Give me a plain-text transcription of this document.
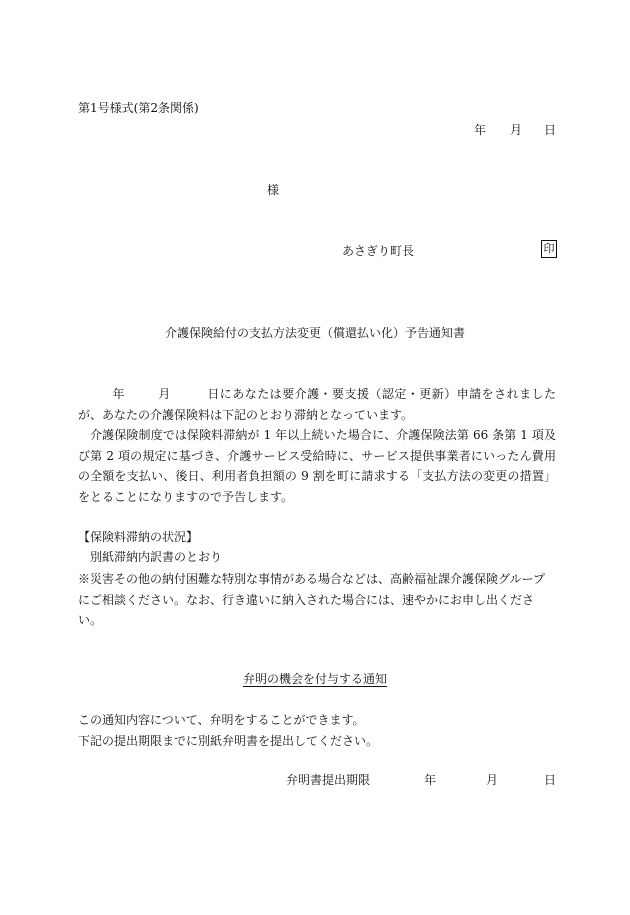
第1号様式(第2条関係)
年 月 日
様
あさぎり町長	印
介護保険給付の支払方法変更（償還払い化）予告通知書
年	月	日にあなたは要介護・要支援（認定・更新）申請をされましたが、あなたの介護保険料は下記のとおり滞納となっています。
介護保険制度では保険料滞納が 1 年以上続いた場合に、介護保険法第 66 条第 1 項及び第 2 項の規定に基づき、介護サービス受給時に、サービス提供事業者にいったん費用の全額を支払い、後日、利用者負担額の 9 割を町に請求する「支払方法の変更の措置」をとることになりますので予告します。
【保険料滞納の状況】
別紙滞納内訳書のとおり
※災害その他の納付困難な特別な事情がある場合などは、高齢福祉課介護保険グループにご相談ください。なお、行き違いに納入された場合には、速やかにお申し出ください。
弁明の機会を付与する通知
この通知内容について、弁明をすることができます。
下記の提出期限までに別紙弁明書を提出してください。
弁明書提出期限	年	月	日
